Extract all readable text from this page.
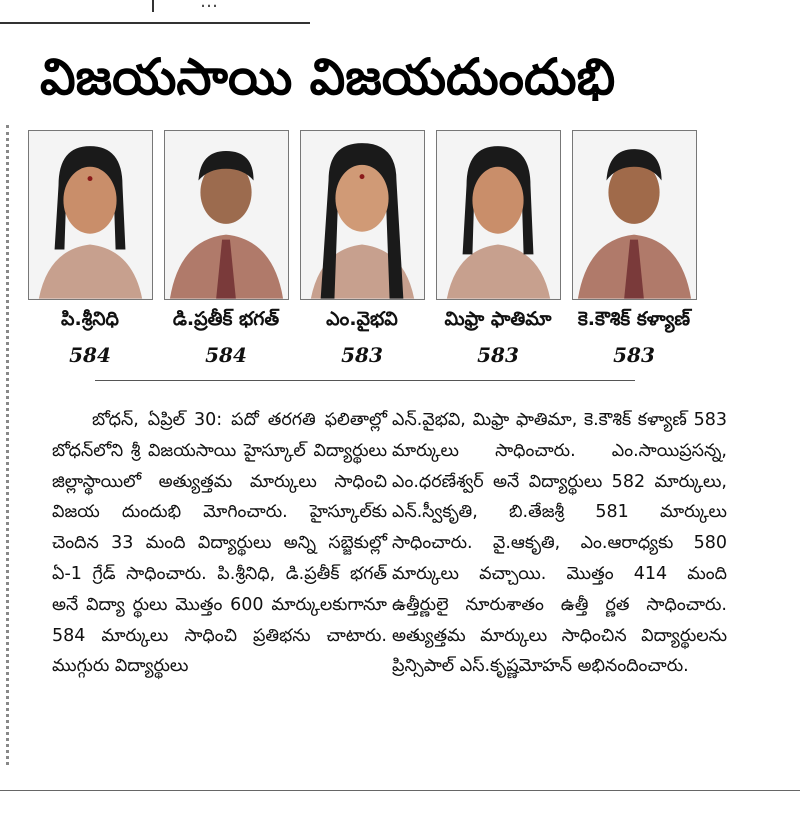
…
విజయసాయి విజయదుందుభి
పి.శ్రీనిధి	డి.ప్రతీక్ భగత్	ఎం.వైభవి	మిఫ్రా ఫాతిమా	కె.కౌశిక్ కళ్యాణ్
584	584	583	583	583

బోధన్, ఏప్రిల్ 30: పదో తరగతి ఫలితాల్లో బోధన్‌లోని శ్రీ విజయసాయి హైస్కూల్ విద్యార్థులు జిల్లాస్థాయిలో అత్యుత్తమ మార్కులు సాధించి విజయ దుందుభి మోగించారు. హైస్కూల్‌కు చెందిన 33 మంది విద్యార్థులు అన్ని సబ్జెకుల్లో ఏ-1 గ్రేడ్ సాధించారు. పి.శ్రీనిధి, డి.ప్రతీక్ భగత్ అనే విద్యా ర్థులు మొత్తం 600 మార్కులకుగానూ 584 మార్కులు సాధించి ప్రతిభను చాటారు. ముగ్గురు విద్యార్థులు

ఎన్.వైభవి, మిఫ్రా ఫాతిమా, కె.కౌశిక్ కళ్యాణ్ 583 మార్కులు సాధించారు. ఎం.సాయిప్రసన్న, ఎం.ధరణేశ్వర్ అనే విద్యార్థులు 582 మార్కులు, ఎన్.స్వీకృతి, బి.తేజశ్రీ 581 మార్కులు సాధించారు. వై.ఆకృతి, ఎం.ఆరాధ్యకు 580 మార్కులు వచ్చాయి. మొత్తం 414 మంది ఉత్తీర్ణులై నూరుశాతం ఉత్తీ ర్ణత సాధించారు. అత్యుత్తమ మార్కులు సాధించిన విద్యార్థులను ప్రిన్సిపాల్ ఎస్.కృష్ణమోహన్ అభినందించారు.
